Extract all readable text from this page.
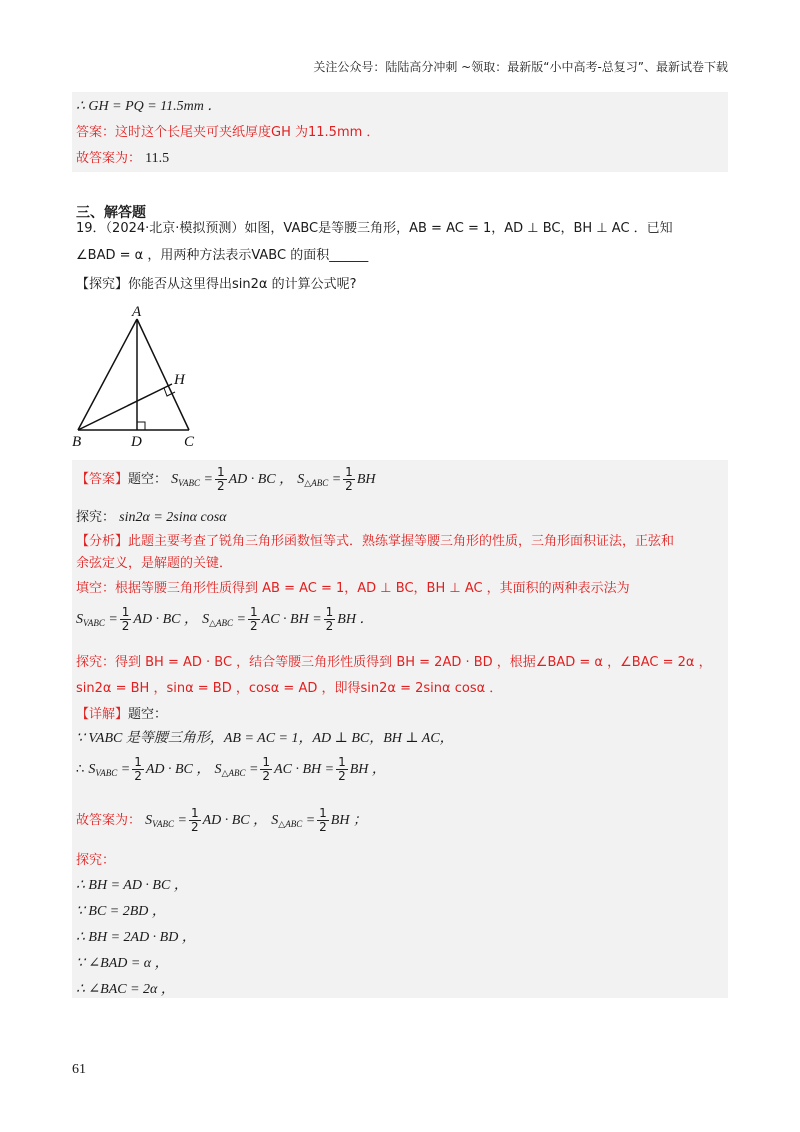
关注公众号：陆陆高分冲刺 ~领取：最新版“小中高考-总复习”、最新试卷下载
∴ GH = PQ = 11.5mm ．
答案：这时这个长尾夹可夹纸厚度GH 为11.5mm ．
故答案为： 11.5
三、解答题
19．（2024·北京·模拟预测）如图，VABC是等腰三角形，AB = AC = 1，AD ⊥ BC，BH ⊥ AC ．已知
∠BAD = α ，用两种方法表示VABC 的面积______
【探究】你能否从这里得出sin2α 的计算公式呢?
A
H
B	D	C
【答案】题空： $S_{VABC} = \frac{1}{2}$ AD · BC ， $S_{\triangle ABC} = \frac{1}{2}$ BH
探究： sin2α = 2sinα cosα
【分析】此题主要考查了锐角三角形函数恒等式．熟练掌握等腰三角形的性质，三角形面积证法，正弦和
余弦定义，是解题的关键．
填空：根据等腰三角形性质得到 AB = AC = 1，AD ⊥ BC，BH ⊥ AC ，其面积的两种表示法为
$S_{VABC} = \frac{1}{2}$ AD · BC ， $S_{\triangle ABC} = \frac{1}{2}$ AC · BH = $\frac{1}{2}$ BH ．
探究：得到 BH = AD · BC ，结合等腰三角形性质得到 BH = 2AD · BD ，根据∠BAD = α ，∠BAC = 2α ，
sin2α = BH ，sinα = BD ，cosα = AD ，即得sin2α = 2sinα cosα ．
【详解】题空：
∵ VABC 是等腰三角形，AB = AC = 1，AD ⊥ BC，BH ⊥ AC，
∴ $S_{VABC} = \frac{1}{2}$ AD · BC ， $S_{\triangle ABC} = \frac{1}{2}$ AC · BH = $\frac{1}{2}$ BH ，
故答案为： $S_{VABC} = \frac{1}{2}$ AD · BC ， $S_{\triangle ABC} = \frac{1}{2}$ BH ；
探究：
∴ BH = AD · BC ，
∵ BC = 2BD ，
∴ BH = 2AD · BD ，
∵ ∠BAD = α ，
∴ ∠BAC = 2α ，
61
